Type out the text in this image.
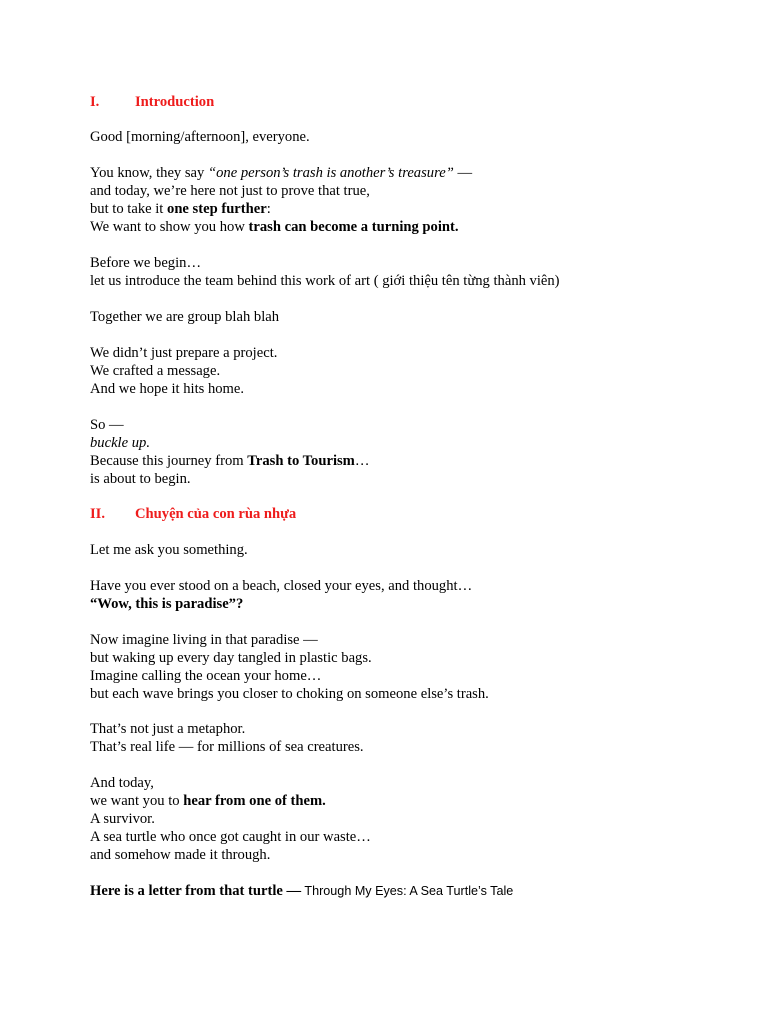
I. Introduction
Good [morning/afternoon], everyone.
You know, they say “one person’s trash is another’s treasure” —
and today, we’re here not just to prove that true,
but to take it one step further:
We want to show you how trash can become a turning point.
Before we begin…
let us introduce the team behind this work of art ( giới thiệu tên từng thành viên)
Together we are group blah blah
We didn’t just prepare a project.
We crafted a message.
And we hope it hits home.
So —
buckle up.
Because this journey from Trash to Tourism…
is about to begin.
II. Chuyện của con rùa nhựa
Let me ask you something.
Have you ever stood on a beach, closed your eyes, and thought…
“Wow, this is paradise”?
Now imagine living in that paradise —
but waking up every day tangled in plastic bags.
Imagine calling the ocean your home…
but each wave brings you closer to choking on someone else’s trash.
That’s not just a metaphor.
That’s real life — for millions of sea creatures.
And today,
we want you to hear from one of them.
A survivor.
A sea turtle who once got caught in our waste…
and somehow made it through.
Here is a letter from that turtle — Through My Eyes: A Sea Turtle’s Tale
